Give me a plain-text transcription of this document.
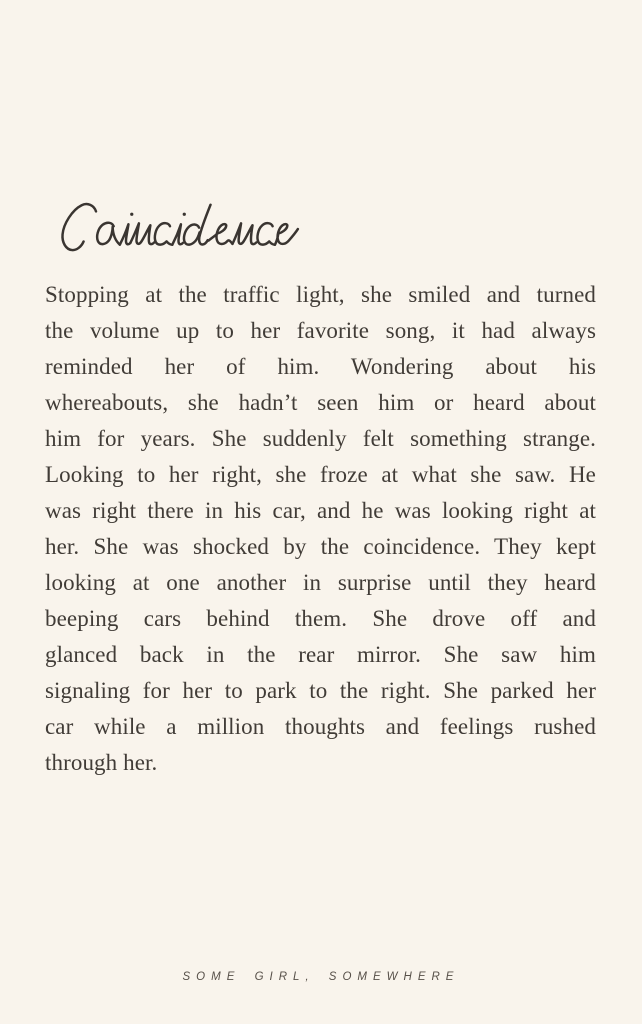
Stopping at the traffic light, she smiled and turned
the volume up to her favorite song, it had always
reminded her of him. Wondering about his
whereabouts, she hadn’t seen him or heard about
him for years. She suddenly felt something strange.
Looking to her right, she froze at what she saw. He
was right there in his car, and he was looking right at
her. She was shocked by the coincidence. They kept
looking at one another in surprise until they heard
beeping cars behind them. She drove off and
glanced back in the rear mirror. She saw him
signaling for her to park to the right. She parked her
car while a million thoughts and feelings rushed
through her.
SOME GIRL, SOMEWHERE
